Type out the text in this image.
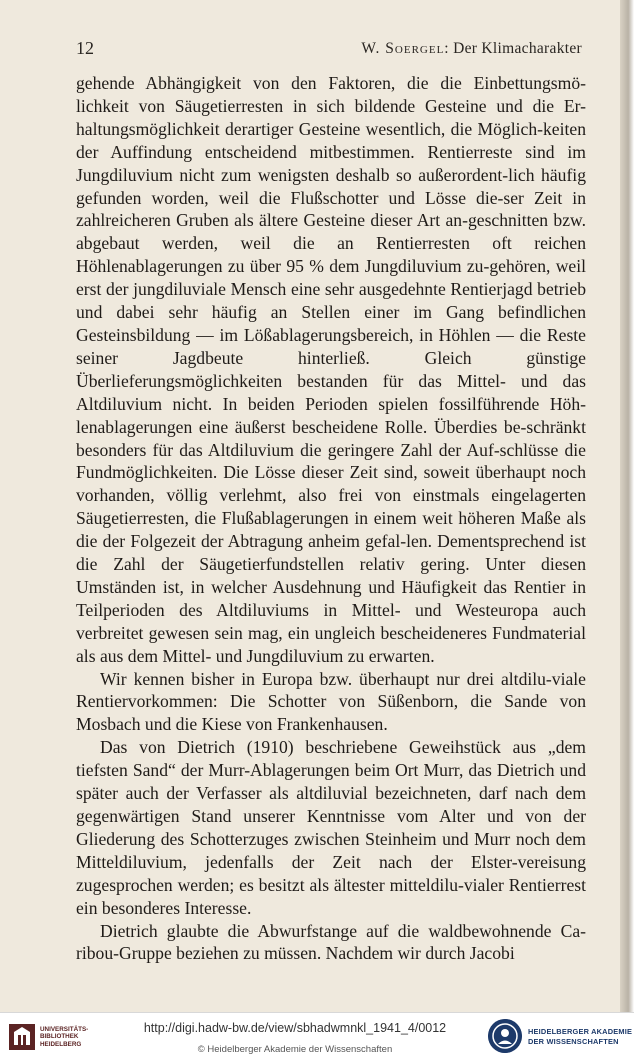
12	W. Soergel: Der Klimacharakter

gehende Abhängigkeit von den Faktoren, die die Einbettungsmö-lichkeit von Säugetierresten in sich bildende Gesteine und die Er-haltungsmöglichkeit derartiger Gesteine wesentlich, die Möglich-keiten der Auffindung entscheidend mitbestimmen. Rentierreste sind im Jungdiluvium nicht zum wenigsten deshalb so außerordent-lich häufig gefunden worden, weil die Flußschotter und Lösse die-ser Zeit in zahlreicheren Gruben als ältere Gesteine dieser Art an-geschnitten bzw. abgebaut werden, weil die an Rentierresten oft reichen Höhlenablagerungen zu über 95 % dem Jungdiluvium zu-gehören, weil erst der jungdiluviale Mensch eine sehr ausgedehnte Rentierjagd betrieb und dabei sehr häufig an Stellen einer im Gang befindlichen Gesteinsbildung — im Lößablagerungsbereich, in Höhlen — die Reste seiner Jagdbeute hinterließ. Gleich günstige Überlieferungsmöglichkeiten bestanden für das Mittel- und das Altdiluvium nicht. In beiden Perioden spielen fossilführende Höh-lenablagerungen eine äußerst bescheidene Rolle. Überdies be-schränkt besonders für das Altdiluvium die geringere Zahl der Auf-schlüsse die Fundmöglichkeiten. Die Lösse dieser Zeit sind, soweit überhaupt noch vorhanden, völlig verlehmt, also frei von einstmals eingelagerten Säugetierresten, die Flußablagerungen in einem weit höheren Maße als die der Folgezeit der Abtragung anheim gefal-len. Dementsprechend ist die Zahl der Säugetierfundstellen relativ gering. Unter diesen Umständen ist, in welcher Ausdehnung und Häufigkeit das Rentier in Teilperioden des Altdiluviums in Mittel- und Westeuropa auch verbreitet gewesen sein mag, ein ungleich bescheideneres Fundmaterial als aus dem Mittel- und Jungdiluvium zu erwarten.

Wir kennen bisher in Europa bzw. überhaupt nur drei altdilu-viale Rentiervorkommen: Die Schotter von Süßenborn, die Sande von Mosbach und die Kiese von Frankenhausen.

Das von Dietrich (1910) beschriebene Geweihstück aus „dem tiefsten Sand“ der Murr-Ablagerungen beim Ort Murr, das Dietrich und später auch der Verfasser als altdiluvial bezeichneten, darf nach dem gegenwärtigen Stand unserer Kenntnisse vom Alter und von der Gliederung des Schotterzuges zwischen Steinheim und Murr noch dem Mitteldiluvium, jedenfalls der Zeit nach der Elster-vereisung zugesprochen werden; es besitzt als ältester mitteldilu-vialer Rentierrest ein besonderes Interesse.

Dietrich glaubte die Abwurfstange auf die waldbewohnende Ca-ribou-Gruppe beziehen zu müssen. Nachdem wir durch Jacobi

UNIVERSITÄTS-
BIBLIOTHEK
HEIDELBERG
http://digi.hadw-bw.de/view/sbhadwmnkl_1941_4/0012
© Heidelberger Akademie der Wissenschaften
HEIDELBERGER AKADEMIE
DER WISSENSCHAFTEN
